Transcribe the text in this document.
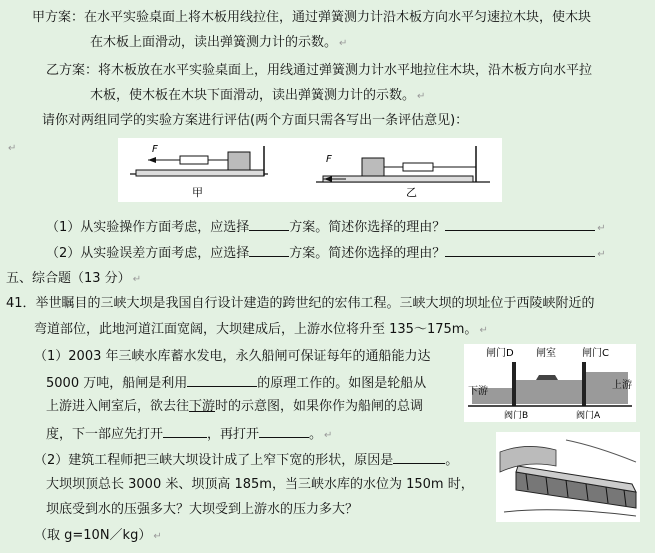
甲方案：在水平实验桌面上将木板用线拉住，通过弹簧测力计沿木板方向水平匀速拉木块，使木块
在木板上面滑动，读出弹簧测力计的示数。 ↵
乙方案：将木板放在水平实验桌面上，用线通过弹簧测力计水平地拉住木块，沿木板方向水平拉
木板，使木板在木块下面滑动，读出弹簧测力计的示数。 ↵
请你对两组同学的实验方案进行评估(两个方面只需各写出一条评估意见)：
↵	F
甲
F
乙
（1）从实验操作方面考虑，应选择	方案。简述你选择的理由？	↵
（2）从实验误差方面考虑，应选择	方案。简述你选择的理由？	↵
五、综合题（13 分） ↵
41．举世瞩目的三峡大坝是我国自行设计建造的跨世纪的宏伟工程。三峡大坝的坝址位于西陵峡附近的
弯道部位，此地河道江面宽阔，大坝建成后，上游水位将升至 135～175m。 ↵
（1）2003 年三峡水库蓄水发电，永久船闸可保证每年的通船能力达
5000 万吨，船闸是利用	的原理工作的。如图是轮船从
上游进入闸室后，欲去往下游时的示意图，如果你作为船闸的总调
度，下一部应先打开	，再打开	。 ↵
闸门D 闸室	闸门C
下游
上游
阀门B	阀门A
（2）建筑工程师把三峡大坝设计成了上窄下宽的形状，原因是	。
大坝坝顶总长 3000 米、坝顶高 185m，当三峡水库的水位为 150m 时，
坝底受到水的压强多大？大坝受到上游水的压力多大？
（取 g=10N／kg） ↵
